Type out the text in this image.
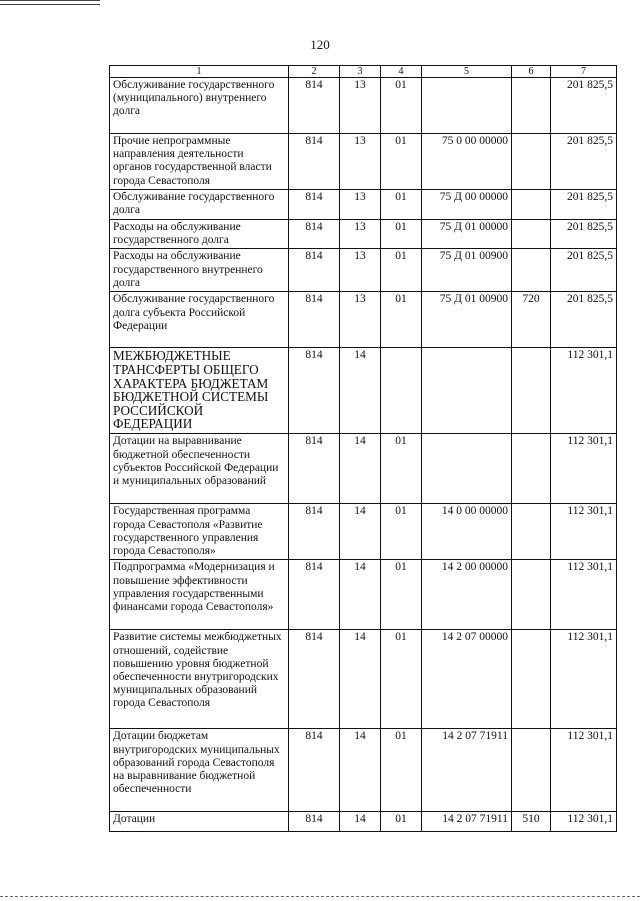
120
1	2	3	4	5	6	7
Обслуживание государственного (муниципального) внутреннего долга	814	13	01			201 825,5
Прочие непрограммные направления деятельности органов государственной власти города Севастополя	814	13	01	75 0 00 00000		201 825,5
Обслуживание государственного долга	814	13	01	75 Д 00 00000		201 825,5
Расходы на обслуживание государственного долга	814	13	01	75 Д 01 00000		201 825,5
Расходы на обслуживание государственного внутреннего долга	814	13	01	75 Д 01 00900		201 825,5
Обслуживание государственного долга субъекта Российской Федерации	814	13	01	75 Д 01 00900	720	201 825,5
МЕЖБЮДЖЕТНЫЕ ТРАНСФЕРТЫ ОБЩЕГО ХАРАКТЕРА БЮДЖЕТАМ БЮДЖЕТНОЙ СИСТЕМЫ РОССИЙСКОЙ ФЕДЕРАЦИИ	814	14				112 301,1
Дотации на выравнивание бюджетной обеспеченности субъектов Российской Федерации и муниципальных образований	814	14	01			112 301,1
Государственная программа города Севастополя «Развитие государственного управления города Севастополя»	814	14	01	14 0 00 00000		112 301,1
Подпрограмма «Модернизация и повышение эффективности управления государственными финансами города Севастополя»	814	14	01	14 2 00 00000		112 301,1
Развитие системы межбюджетных отношений, содействие повышению уровня бюджетной обеспеченности внутригородских муниципальных образований города Севастополя	814	14	01	14 2 07 00000		112 301,1
Дотации бюджетам внутригородских муниципальных образований города Севастополя на выравнивание бюджетной обеспеченности	814	14	01	14 2 07 71911		112 301,1
Дотации	814	14	01	14 2 07 71911	510	112 301,1
